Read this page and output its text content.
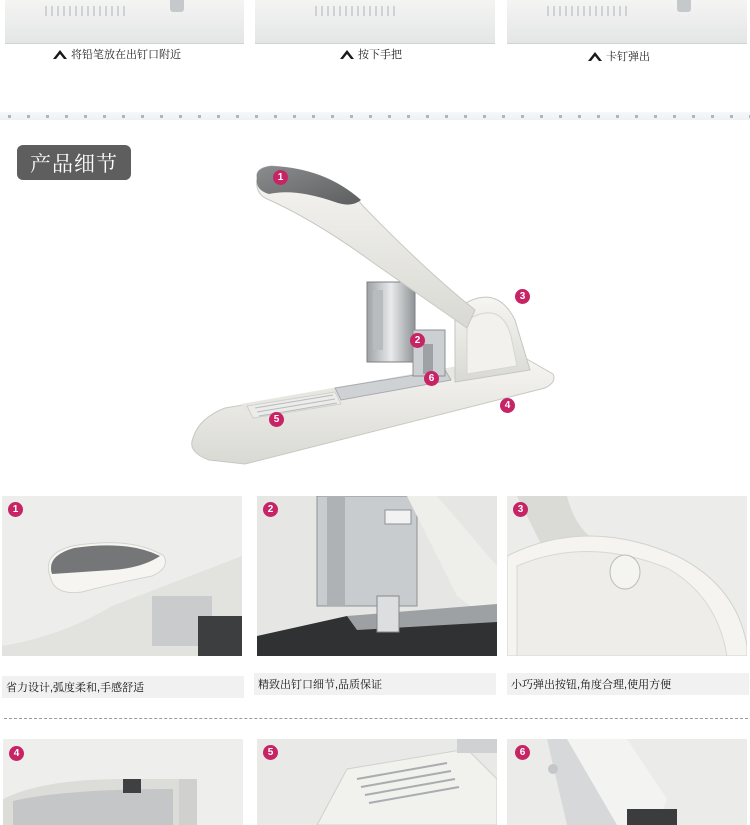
将铅笔放在出钉口附近	按下手把	卡钉弹出
产品细节
1
2
3
4
5
6
1
省力设计,弧度柔和,手感舒适
2
精致出钉口细节,品质保证
3
小巧弹出按钮,角度合理,使用方便
4	5	6
